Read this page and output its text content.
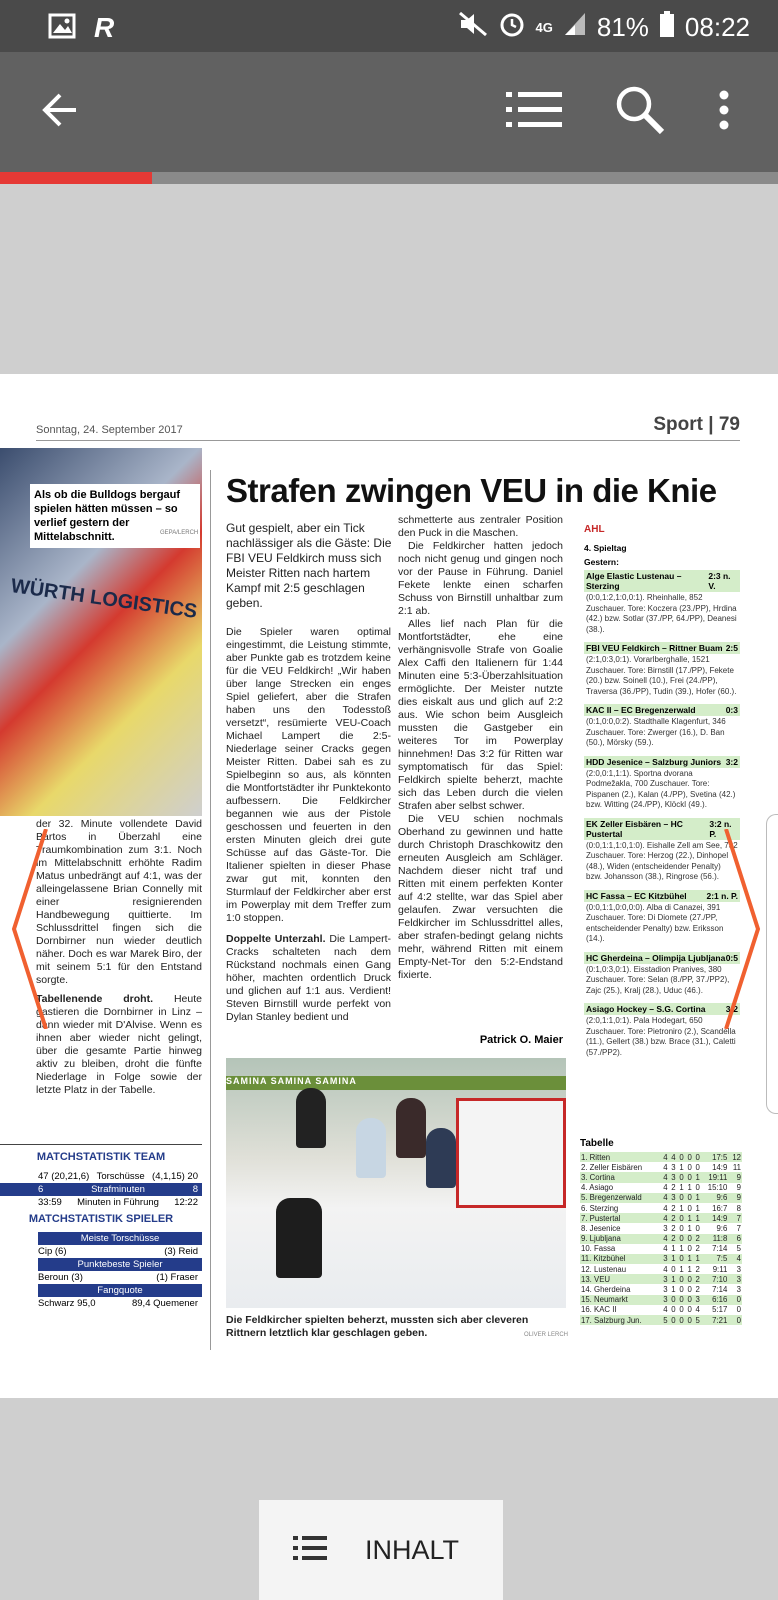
R	4G 81% 08:22
Sonntag, 24. September 2017	Sport | 79
WÜRTH LOGISTICS
Als ob die Bulldogs bergauf spielen hätten müssen – so verlief gestern der Mittelabschnitt.	GEPA/LERCH

der 32. Minute vollendete David Bartos in Überzahl eine Traumkombination zum 3:1. Noch im Mittelabschnitt erhöhte Radim Matus unbedrängt auf 4:1, was der alleingelassene Brian Connelly mit einer resignierenden Handbewegung quittierte. Im Schlussdrittel fingen sich die Dornbirner nun wieder deutlich näher. Doch es war Marek Biro, der mit seinem 5:1 für den Entstand sorgte.

Tabellenende droht. Heute gastieren die Dornbirner in Linz – dann wieder mit D'Alvise. Wenn es ihnen aber wieder nicht gelingt, über die gesamte Partie hinweg aktiv zu bleiben, droht die fünfte Niederlage in Folge sowie der letzte Platz in der Tabelle.

MATCHSTATISTIK TEAM
47 (20,21,6) Torschüsse (4,1,15) 20
6	Strafminuten	8
33:59 Minuten in Führung 12:22
MATCHSTATISTIK SPIELER
Meiste Torschüsse
Cip (6)	(3) Reid
Punktebeste Spieler
Beroun (3)	(1) Fraser
Fangquote
Schwarz 95,0	89,4 Quemener
Strafen zwingen VEU in die Knie
Gut gespielt, aber ein Tick nachlässiger als die Gäste: Die FBI VEU Feldkirch muss sich Meister Ritten nach hartem Kampf mit 2:5 geschlagen geben.

Die Spieler waren optimal eingestimmt, die Leistung stimmte, aber Punkte gab es trotzdem keine für die VEU Feldkirch! „Wir haben über lange Strecken ein enges Spiel geliefert, aber die Strafen haben uns den Todesstoß versetzt“, resümierte VEU-Coach Michael Lampert die 2:5-Niederlage seiner Cracks gegen Meister Ritten. Dabei sah es zu Spielbeginn so aus, als könnten die Montfortstädter ihr Punktekonto aufbessern. Die Feldkircher begannen wie aus der Pistole geschossen und feuerten in den ersten Minuten gleich drei gute Schüsse auf das Gäste-Tor. Die Italiener spielten in dieser Phase zwar gut mit, konnten den Sturmlauf der Feldkircher aber erst im Powerplay mit dem Treffer zum 1:0 stoppen.

Doppelte Unterzahl. Die Lampert-Cracks schalteten nach dem Rückstand nochmals einen Gang höher, machten ordentlich Druck und glichen auf 1:1 aus. Verdient! Steven Birnstill wurde perfekt von Dylan Stanley bedient und

schmetterte aus zentraler Position den Puck in die Maschen.

Die Feldkircher hatten jedoch noch nicht genug und gingen noch vor der Pause in Führung. Daniel Fekete lenkte einen scharfen Schuss von Birnstill unhaltbar zum 2:1 ab.

Alles lief nach Plan für die Montfortstädter, ehe eine verhängnisvolle Strafe von Goalie Alex Caffi den Italienern für 1:44 Minuten eine 5:3-Überzahlsituation ermöglichte. Der Meister nutzte dies eiskalt aus und glich auf 2:2 aus. Wie schon beim Ausgleich mussten die Gastgeber ein weiteres Tor im Powerplay hinnehmen! Das 3:2 für Ritten war symptomatisch für das Spiel: Feldkirch spielte beherzt, machte sich das Leben durch die vielen Strafen aber selbst schwer.

Die VEU schien nochmals Oberhand zu gewinnen und hatte durch Christoph Draschkowitz den erneuten Ausgleich am Schläger. Nachdem dieser nicht traf und Ritten mit einem perfekten Konter auf 4:2 stellte, war das Spiel aber gelaufen. Zwar versuchten die Feldkircher im Schlussdrittel alles, aber strafen-bedingt gelang nichts mehr, während Ritten mit einem Empty-Net-Tor den 5:2-Endstand fixierte.

Patrick O. Maier
SAMINA SAMINA SAMINA
Die Feldkircher spielten beherzt, mussten sich aber cleveren Rittnern letztlich klar geschlagen geben.	OLIVER LERCH
AHL
4. Spieltag
Gestern:
Alge Elastic Lustenau – Sterzing
2:3 n. V.
(0:0,1:2,1:0,0:1). Rheinhalle, 852 Zuschauer. Tore: Koczera (23./PP), Hrdina (42.) bzw. Sotlar (37./PP, 64./PP), Deanesi (38.).
FBI VEU Feldkirch – Rittner Buam 2:5
(2:1,0:3,0:1). Vorarlberghalle, 1521 Zuschauer. Tore: Birnstill (17./PP), Fekete (20.) bzw. Soinell (10.), Frei (24./PP), Traversa (36./PP), Tudin (39.), Hofer (60.).
KAC II – EC Bregenzerwald	0:3
(0:1,0:0,0:2). Stadthalle Klagenfurt, 346 Zuschauer. Tore: Zwerger (16.), D. Ban (50.), Mörsky (59.).
HDD Jesenice – Salzburg Juniors 3:2
(2:0,0:1,1:1). Sportna dvorana Podmežakla, 700 Zuschauer. Tore: Pispanen (2.), Kalan (4./PP), Svetina (42.) bzw. Witting (24./PP), Klöckl (49.).
EK Zeller Eisbären – HC Pustertal
3:2 n. P.
(0:0,1:1,1:0,1:0). Eishalle Zell am See, 732 Zuschauer. Tore: Herzog (22.), Dinhopel (48.), Widen (entscheidender Penalty) bzw. Johansson (38.), Ringrose (56.).
HC Fassa – EC Kitzbühel 2:1 n. P.
(0:0,1:1,0:0,0:0). Alba di Canazei, 391 Zuschauer. Tore: Di Diomete (27./PP, entscheidender Penalty) bzw. Eriksson (14.).
HC Gherdeina – Olimpija Ljubljana 0:5
(0:1,0:3,0:1). Eisstadion Pranives, 380 Zuschauer. Tore: Selan (8./PP, 37./PP2), Zajc (25.), Kralj (28.), Uduc (46.).
Asiago Hockey – S.G. Cortina 3:2
(2:0,1:1,0:1). Pala Hodegart, 650 Zuschauer. Tore: Pietroniro (2.), Scandella (11.), Gellert (38.) bzw. Brace (31.), Caletti (57./PP2).
Tabelle
1. Ritten	4	4	0	0	0	17:5	12
2. Zeller Eisbären	4	3	1	0	0	14:9	11
3. Cortina	4	3	0	0	1	19:11	9
4. Asiago	4	2	1	1	0	15:10	9
5. Bregenzerwald	4	3	0	0	1	9:6	9
6. Sterzing	4	2	1	0	1	16:7	8
7. Pustertal	4	2	0	1	1	14:9	7
8. Jesenice	3	2	0	1	0	9:6	7
9. Ljubljana	4	2	0	0	2	11:8	6
10. Fassa	4	1	1	0	2	7:14	5
11. Kitzbühel	3	1	0	1	1	7:5	4
12. Lustenau	4	0	1	1	2	9:11	3
13. VEU	3	1	0	0	2	7:10	3
14. Gherdeina	3	1	0	0	2	7:14	3
15. Neumarkt	3	0	0	0	3	6:16	0
16. KAC II	4	0	0	0	4	5:17	0
17. Salzburg Jun.	5	0	0	0	5	7:21	0
INHALT
